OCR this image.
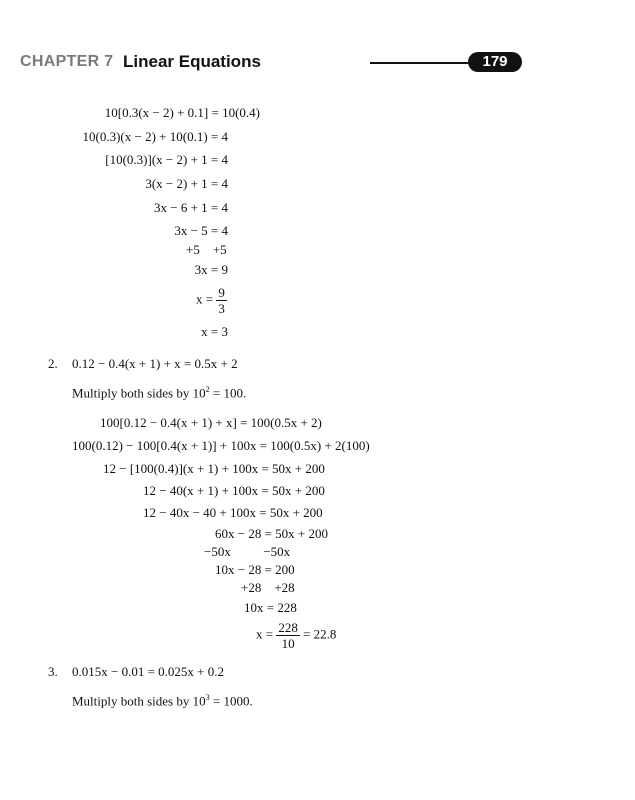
CHAPTER 7 Linear Equations	179
10[0.3(x − 2) + 0.1] = 10(0.4)
10(0.3)(x − 2) + 10(0.1) = 4
[10(0.3)](x − 2) + 1 = 4
3(x − 2) + 1 = 4
3x − 6 + 1 = 4
3x − 5 = 4
+5    +5
3x = 9
$x = \frac{9}{3}$
x = 3
2. 0.12 − 0.4(x + 1) + x = 0.5x + 2
Multiply both sides by $10^2 = 100$.
100[0.12 − 0.4(x + 1) + x] = 100(0.5x + 2)
100(0.12) − 100[0.4(x + 1)] + 100x = 100(0.5x) + 2(100)
12 − [100(0.4)](x + 1) + 100x = 50x + 200
12 − 40(x + 1) + 100x = 50x + 200
12 − 40x − 40 + 100x = 50x + 200
60x − 28 = 50x + 200
−50x          −50x
10x − 28 = 200
+28    +28
10x = 228
$x = \frac{228}{10} = 22.8$
3. 0.015x − 0.01 = 0.025x + 0.2
Multiply both sides by $10^3 = 1000$.
